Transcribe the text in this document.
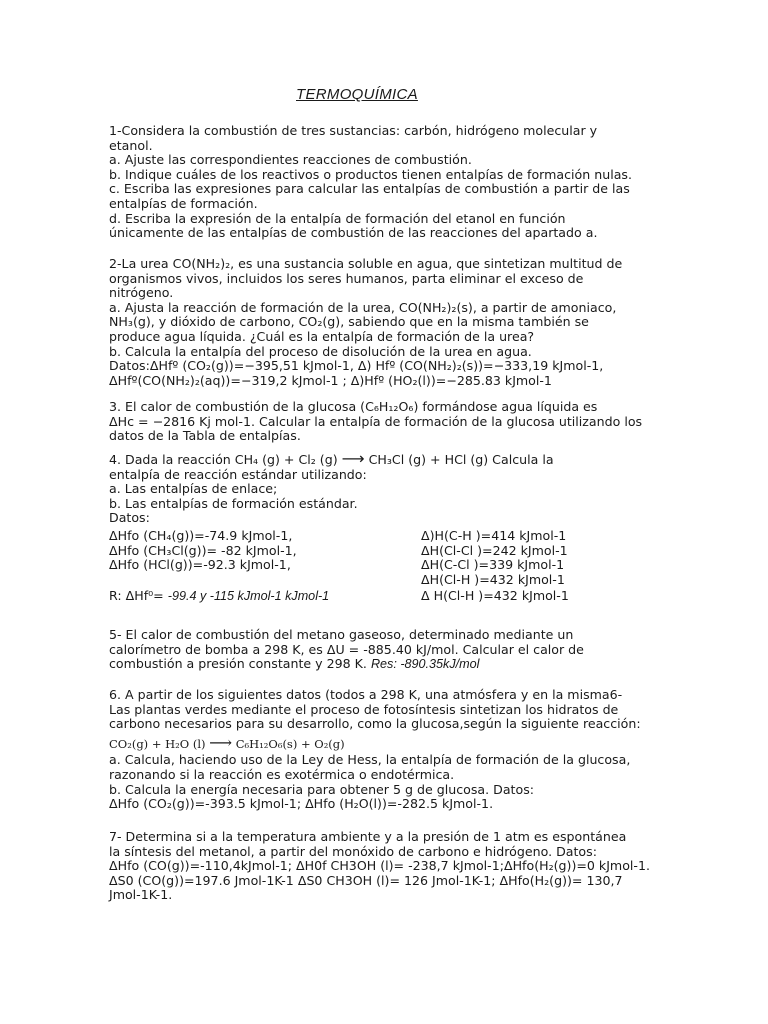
TERMOQUÍMICA

1-Considera la combustión de tres sustancias: carbón, hidrógeno molecular y

etanol.

a. Ajuste las correspondientes reacciones de combustión.

b. Indique cuáles de los reactivos o productos tienen entalpías de formación nulas.

c. Escriba las expresiones para calcular las entalpías de combustión a partir de las

entalpías de formación.

d. Escriba la expresión de la entalpía de formación del etanol en función

únicamente de las entalpías de combustión de las reacciones del apartado a.

2-La urea CO(NH₂)₂, es una sustancia soluble en agua, que sintetizan multitud de

organismos vivos, incluidos los seres humanos, parta eliminar el exceso de

nitrógeno.

a. Ajusta la reacción de formación de la urea, CO(NH₂)₂(s), a partir de amoniaco,

NH₃(g), y dióxido de carbono, CO₂(g), sabiendo que en la misma también se

produce agua líquida. ¿Cuál es la entalpía de formación de la urea?

b. Calcula la entalpía del proceso de disolución de la urea en agua.

Datos:ΔHfº (CO₂(g))=−395,51 kJmol-1, Δ) Hfº (CO(NH₂)₂(s))=−333,19 kJmol-1,

ΔHfº(CO(NH₂)₂(aq))=−319,2 kJmol-1 ; Δ)Hfº (HO₂(l))=−285.83 kJmol-1

3. El calor de combustión de la glucosa (C₆H₁₂O₆) formándose agua líquida es

ΔHc = −2816 Kj mol-1. Calcular la entalpía de formación de la glucosa utilizando los

datos de la Tabla de entalpías.

4. Dada la reacción CH₄ (g) + Cl₂ (g) ⟶ CH₃Cl (g) + HCl (g) Calcula la

entalpía de reacción estándar utilizando:

a. Las entalpías de enlace;

b. Las entalpías de formación estándar.

Datos:

ΔHfo (CH₄(g))=-74.9 kJmol-1,

ΔHfo (CH₃Cl(g))= -82 kJmol-1,

ΔHfo (HCl(g))=-92.3 kJmol-1,

Δ)H(C-H )=414 kJmol-1

ΔH(Cl-Cl )=242 kJmol-1

ΔH(C-Cl )=339 kJmol-1

ΔH(Cl-H )=432 kJmol-1

R: ΔHf⁰= -99.4 y -115 kJmol-1 kJmol-1	Δ H(Cl-H )=432 kJmol-1

5- El calor de combustión del metano gaseoso, determinado mediante un

calorímetro de bomba a 298 K, es ΔU = -885.40 kJ/mol. Calcular el calor de

combustión a presión constante y 298 K. Res: -890.35kJ/mol

6. A partir de los siguientes datos (todos a 298 K, una atmósfera y en la misma6-

Las plantas verdes mediante el proceso de fotosíntesis sintetizan los hidratos de

carbono necesarios para su desarrollo, como la glucosa,según la siguiente reacción:

CO₂(g) + H₂O (l) ⟶ C₆H₁₂O₆(s) + O₂(g)

a. Calcula, haciendo uso de la Ley de Hess, la entalpía de formación de la glucosa,

razonando si la reacción es exotérmica o endotérmica.

b. Calcula la energía necesaria para obtener 5 g de glucosa. Datos:

ΔHfo (CO₂(g))=-393.5 kJmol-1; ΔHfo (H₂O(l))=-282.5 kJmol-1.

7- Determina si a la temperatura ambiente y a la presión de 1 atm es espontánea

la síntesis del metanol, a partir del monóxido de carbono e hidrógeno. Datos:

ΔHfo (CO(g))=-110,4kJmol-1; ΔH0f CH3OH (l)= -238,7 kJmol-1;ΔHfo(H₂(g))=0 kJmol-1.

ΔS0 (CO(g))=197.6 Jmol-1K-1 ΔS0 CH3OH (l)= 126 Jmol-1K-1; ΔHfo(H₂(g))= 130,7

Jmol-1K-1.
